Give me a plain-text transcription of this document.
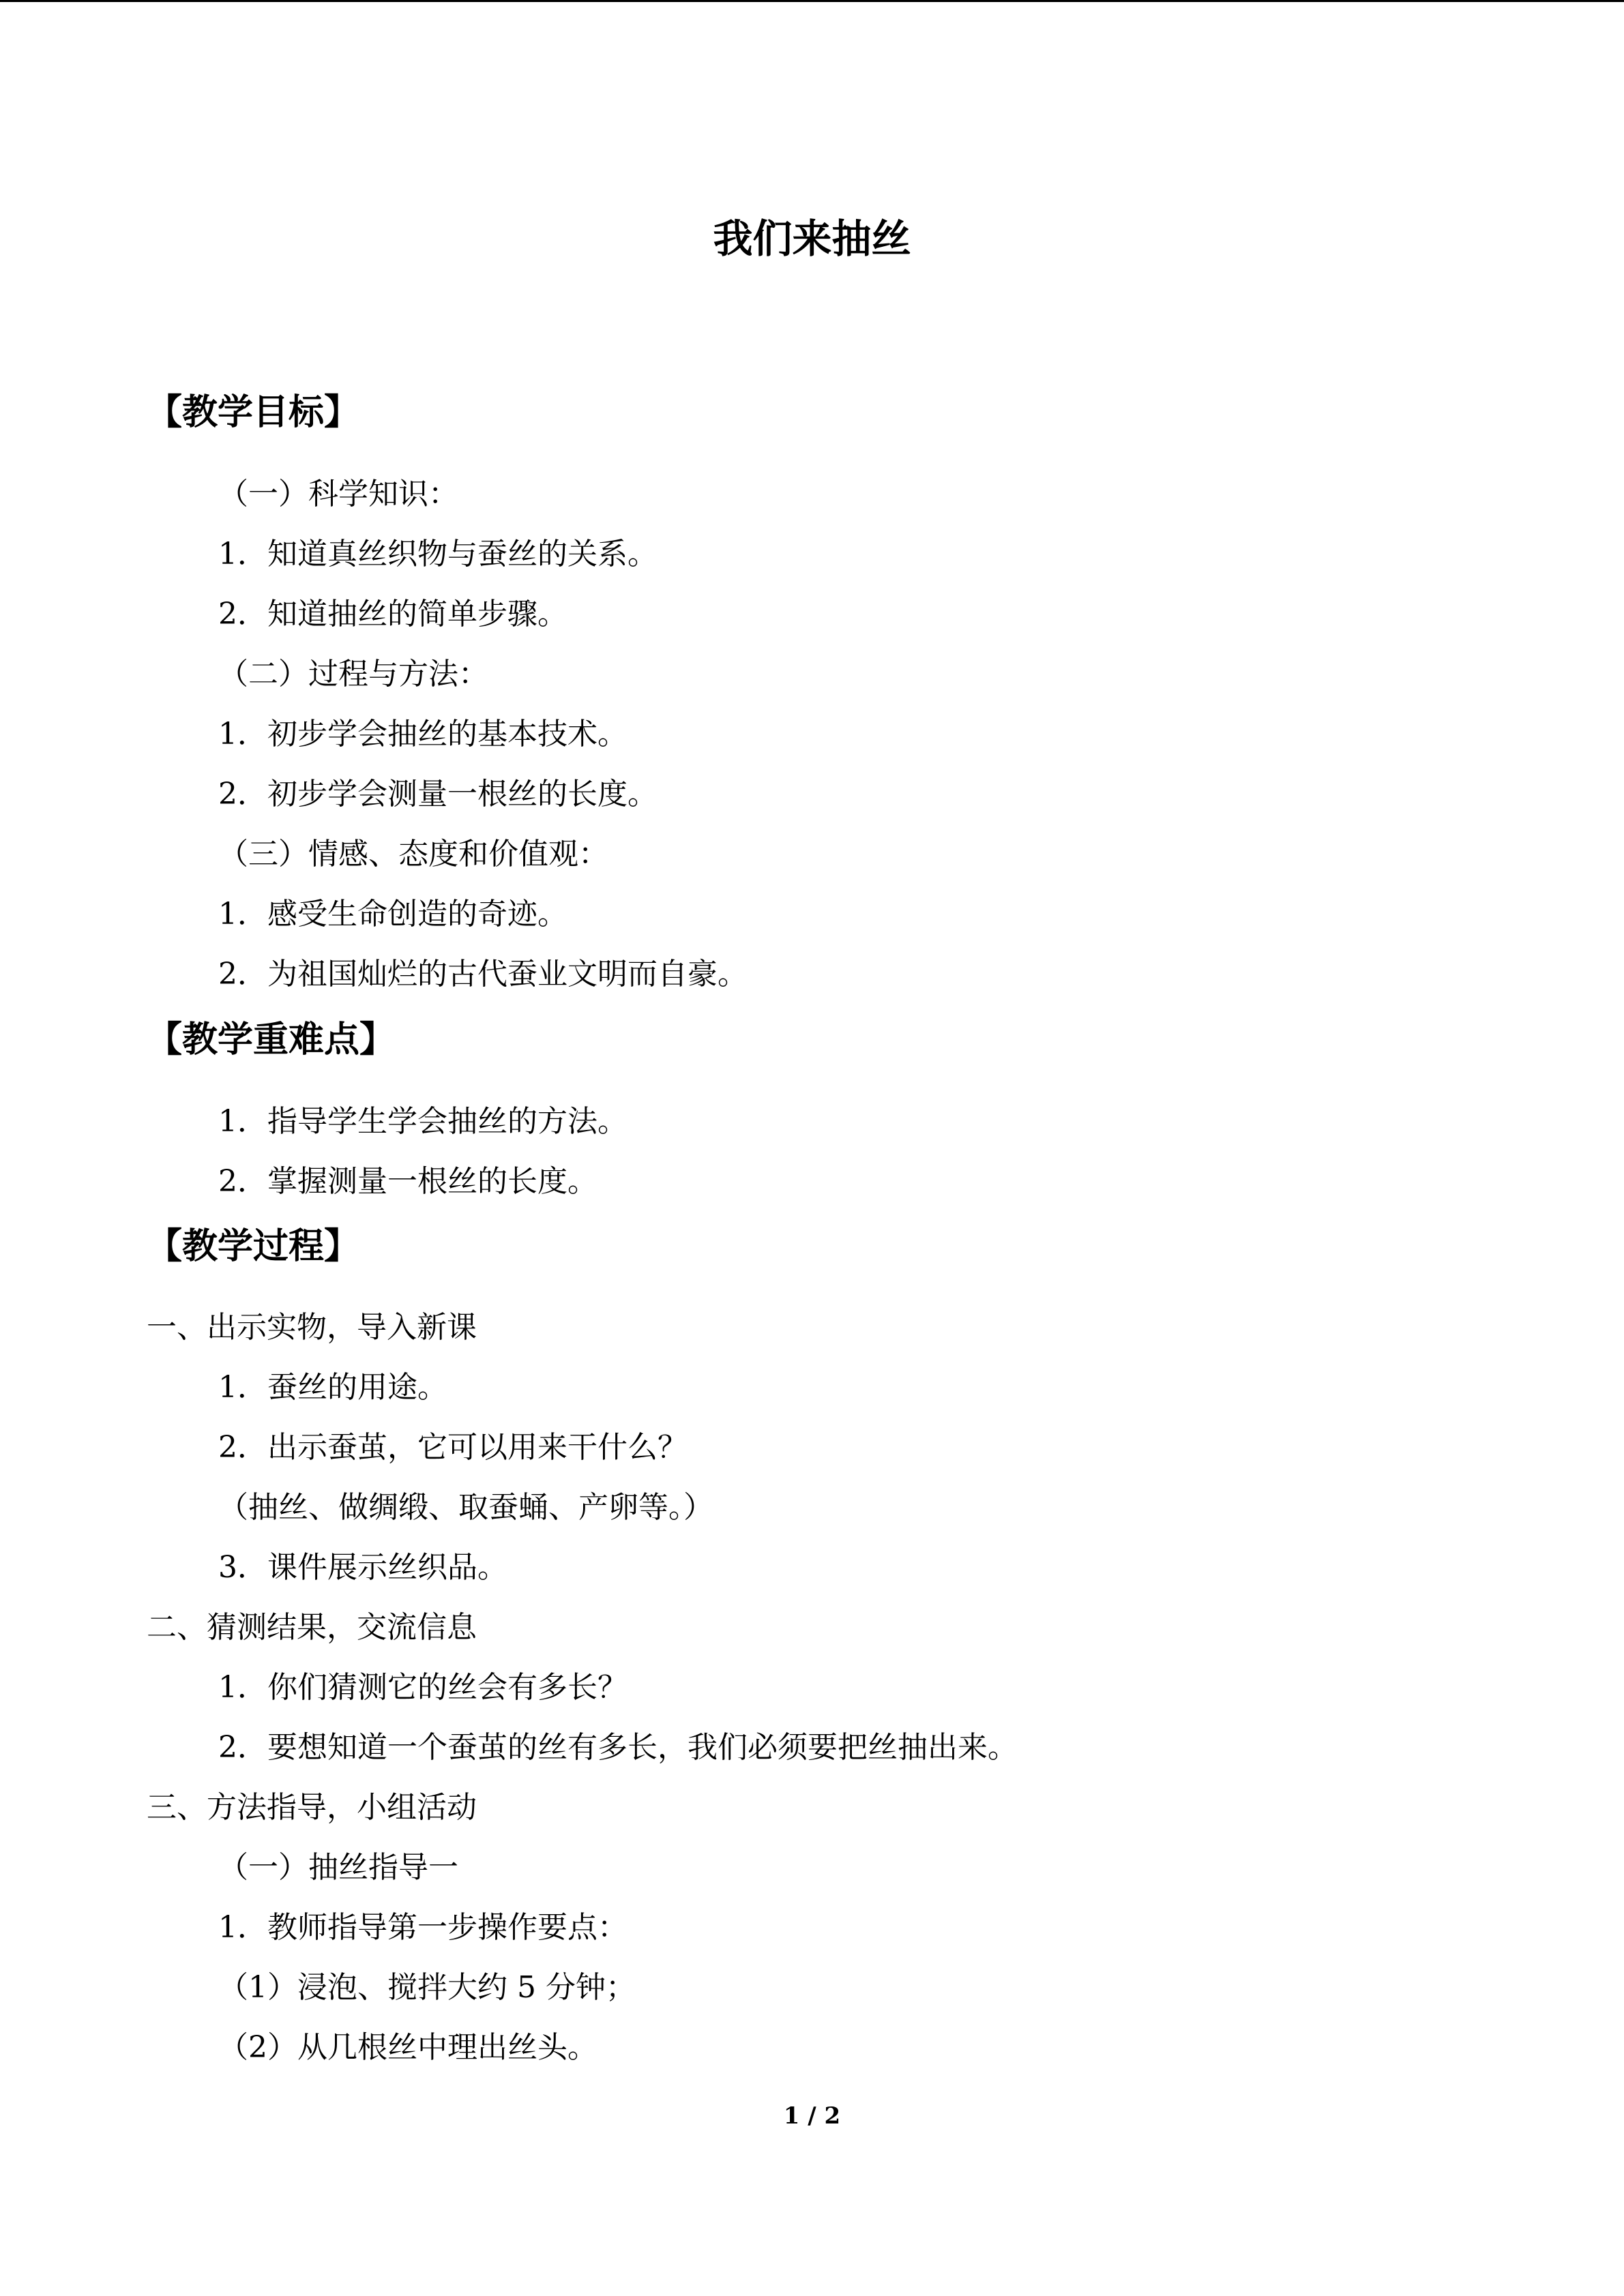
我们来抽丝
【教学目标】
（一）科学知识：
1．知道真丝织物与蚕丝的关系。
2．知道抽丝的简单步骤。
（二）过程与方法：
1．初步学会抽丝的基本技术。
2．初步学会测量一根丝的长度。
（三）情感、态度和价值观：
1．感受生命创造的奇迹。
2．为祖国灿烂的古代蚕业文明而自豪。
【教学重难点】
1．指导学生学会抽丝的方法。
2．掌握测量一根丝的长度。
【教学过程】
一、出示实物，导入新课
1．蚕丝的用途。
2．出示蚕茧，它可以用来干什么？
（抽丝、做绸缎、取蚕蛹、产卵等。）
3．课件展示丝织品。
二、猜测结果，交流信息
1．你们猜测它的丝会有多长？
2．要想知道一个蚕茧的丝有多长，我们必须要把丝抽出来。
三、方法指导，小组活动
（一）抽丝指导一
1．教师指导第一步操作要点：
（1）浸泡、搅拌大约 5 分钟；
（2）从几根丝中理出丝头。
1 / 2
